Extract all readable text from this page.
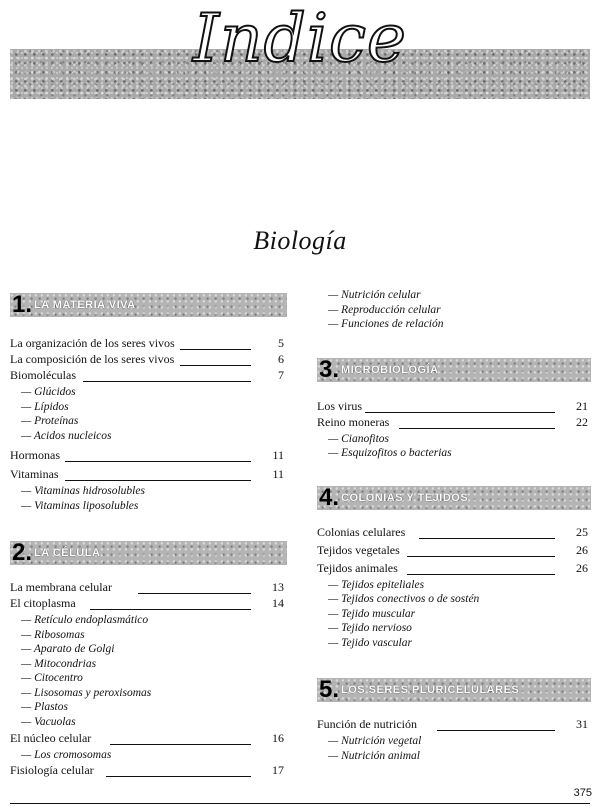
Indice
Biología
1. LA MATERIA VIVA
La organización de los seres vivos	5
La composición de los seres vivos	6
Biomoléculas	7
— Glúcidos
— Lípidos
— Proteínas
— Acidos nucleicos
Hormonas	11
Vitaminas	11
— Vitaminas hidrosolubles
— Vitaminas liposolubles
2. LA CÉLULA
La membrana celular	13
El citoplasma	14
— Retículo endoplasmático
— Ribosomas
— Aparato de Golgi
— Mitocondrias
— Citocentro
— Lisosomas y peroxisomas
— Plastos
— Vacuolas
El núcleo celular	16
— Los cromosomas
Fisiología celular	17
— Nutrición celular
— Reproducción celular
— Funciones de relación
3. MICROBIOLOGÍA
Los virus	21
Reino moneras	22
— Cianofitos
— Esquizofitos o bacterias
4. COLONIAS Y TEJIDOS
Colonias celulares	25
Tejidos vegetales	26
Tejidos animales	26
— Tejidos epiteliales
— Tejidos conectivos o de sostén
— Tejido muscular
— Tejido nervioso
— Tejido vascular
5. LOS SERES PLURICELULARES
Función de nutrición	31
— Nutrición vegetal
— Nutrición animal
375
